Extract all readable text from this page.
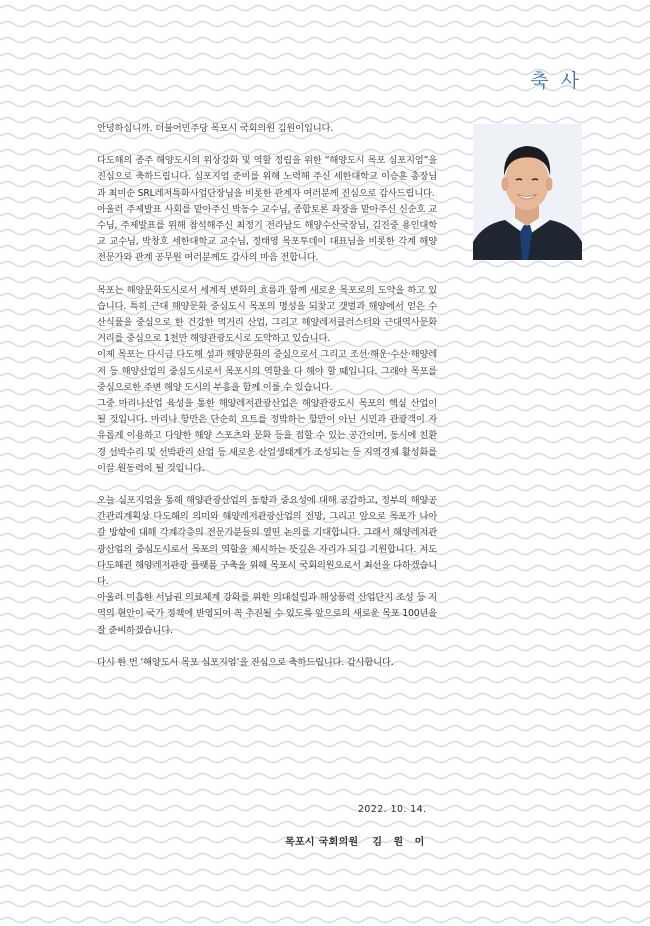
축 사

안녕하십니까. 더불어민주당 목포시 국회의원 김원이입니다.

다도해의 종주 해양도시의 위상강화 및 역할 정립을 위한 “해양도시 목포 심포지엄”을 진심으로 축하드립니다. 심포지엄 준비를 위해 노력해 주신 세한대학교 이승훈 총장님과 최미순 SRL레저특화사업단장님을 비롯한 관계자 여러분께 진심으로 감사드립니다.

아울러 주제발표 사회를 맡아주신 박동수 교수님, 종합토론 좌장을 맡아주신 신순호 교수님, 주제발표를 위해 참석해주신 최정기 전라남도 해양수산국장님, 김진중 용인대학교 교수님, 박창호 세한대학교 교수님, 정태영 목포투데이 대표님을 비롯한 각계 해양 전문가와 관계 공무원 여러분께도 감사의 마음 전합니다.

목포는 해양문화도시로서 세계적 변화의 흐름과 함께 새로운 목포로의 도약을 하고 있습니다. 특히 근대 해양문화 중심도시 목포의 명성을 되찾고 갯벌과 해양에서 얻은 수산식품을 중심으로 한 건강한 먹거리 산업, 그리고 해양레저클러스터와 근대역사문화거리를 중심으로 1천만 해양관광도시로 도약하고 있습니다.

이제 목포는 다시금 다도해 섬과 해양문화의 중심으로서 그리고 조선·해운·수산·해양레저 등 해양산업의 중심도시로서 목포시의 역할을 다 해야 할 때입니다. 그래야 목포를 중심으로한 주변 해양 도시의 부흥을 함께 이룰 수 있습니다.

그중 마리나산업 육성을 통한 해양레저관광산업은 해양관광도시 목포의 핵심 산업이 될 것입니다. 마리나 항만은 단순히 요트를 정박하는 항만이 아닌 시민과 관광객이 자유롭게 이용하고 다양한 해양 스포츠와 문화 등을 접할 수 있는 공간이며, 동시에 친환경 선박수리 및 선박관리 산업 등 새로운 산업생태계가 조성되는 등 지역경제 활성화를 이끌 원동력이 될 것입니다.

오늘 심포지엄을 통해 해양관광산업의 동향과 중요성에 대해 공감하고, 정부의 해양공간관리계획상 다도해의 의미와 해양레저관광산업의 전망, 그리고 앞으로 목포가 나아갈 방향에 대해 각계각층의 전문가분들의 열띤 논의를 기대합니다. 그래서 해양레저관광산업의 중심도시로서 목포의 역할을 제시하는 뜻깊은 자리가 되길 기원합니다. 저도 다도해권 해양레저관광 플랫폼 구축을 위해 목포시 국회의원으로서 최선을 다하겠습니다.

아울러 미흡한 서남권 의료체계 강화를 위한 의대설립과 해상풍력 산업단지 조성 등 지역의 현안이 국가 정책에 반영되어 꼭 추진될 수 있도록 앞으로의 새로운 목포 100년을 잘 준비하겠습니다.

다시 한 번 ‘해양도시 목포 심포지엄’을 진심으로 축하드립니다. 감사합니다.

2022. 10. 14.
목포시 국회의원 김 원 이
